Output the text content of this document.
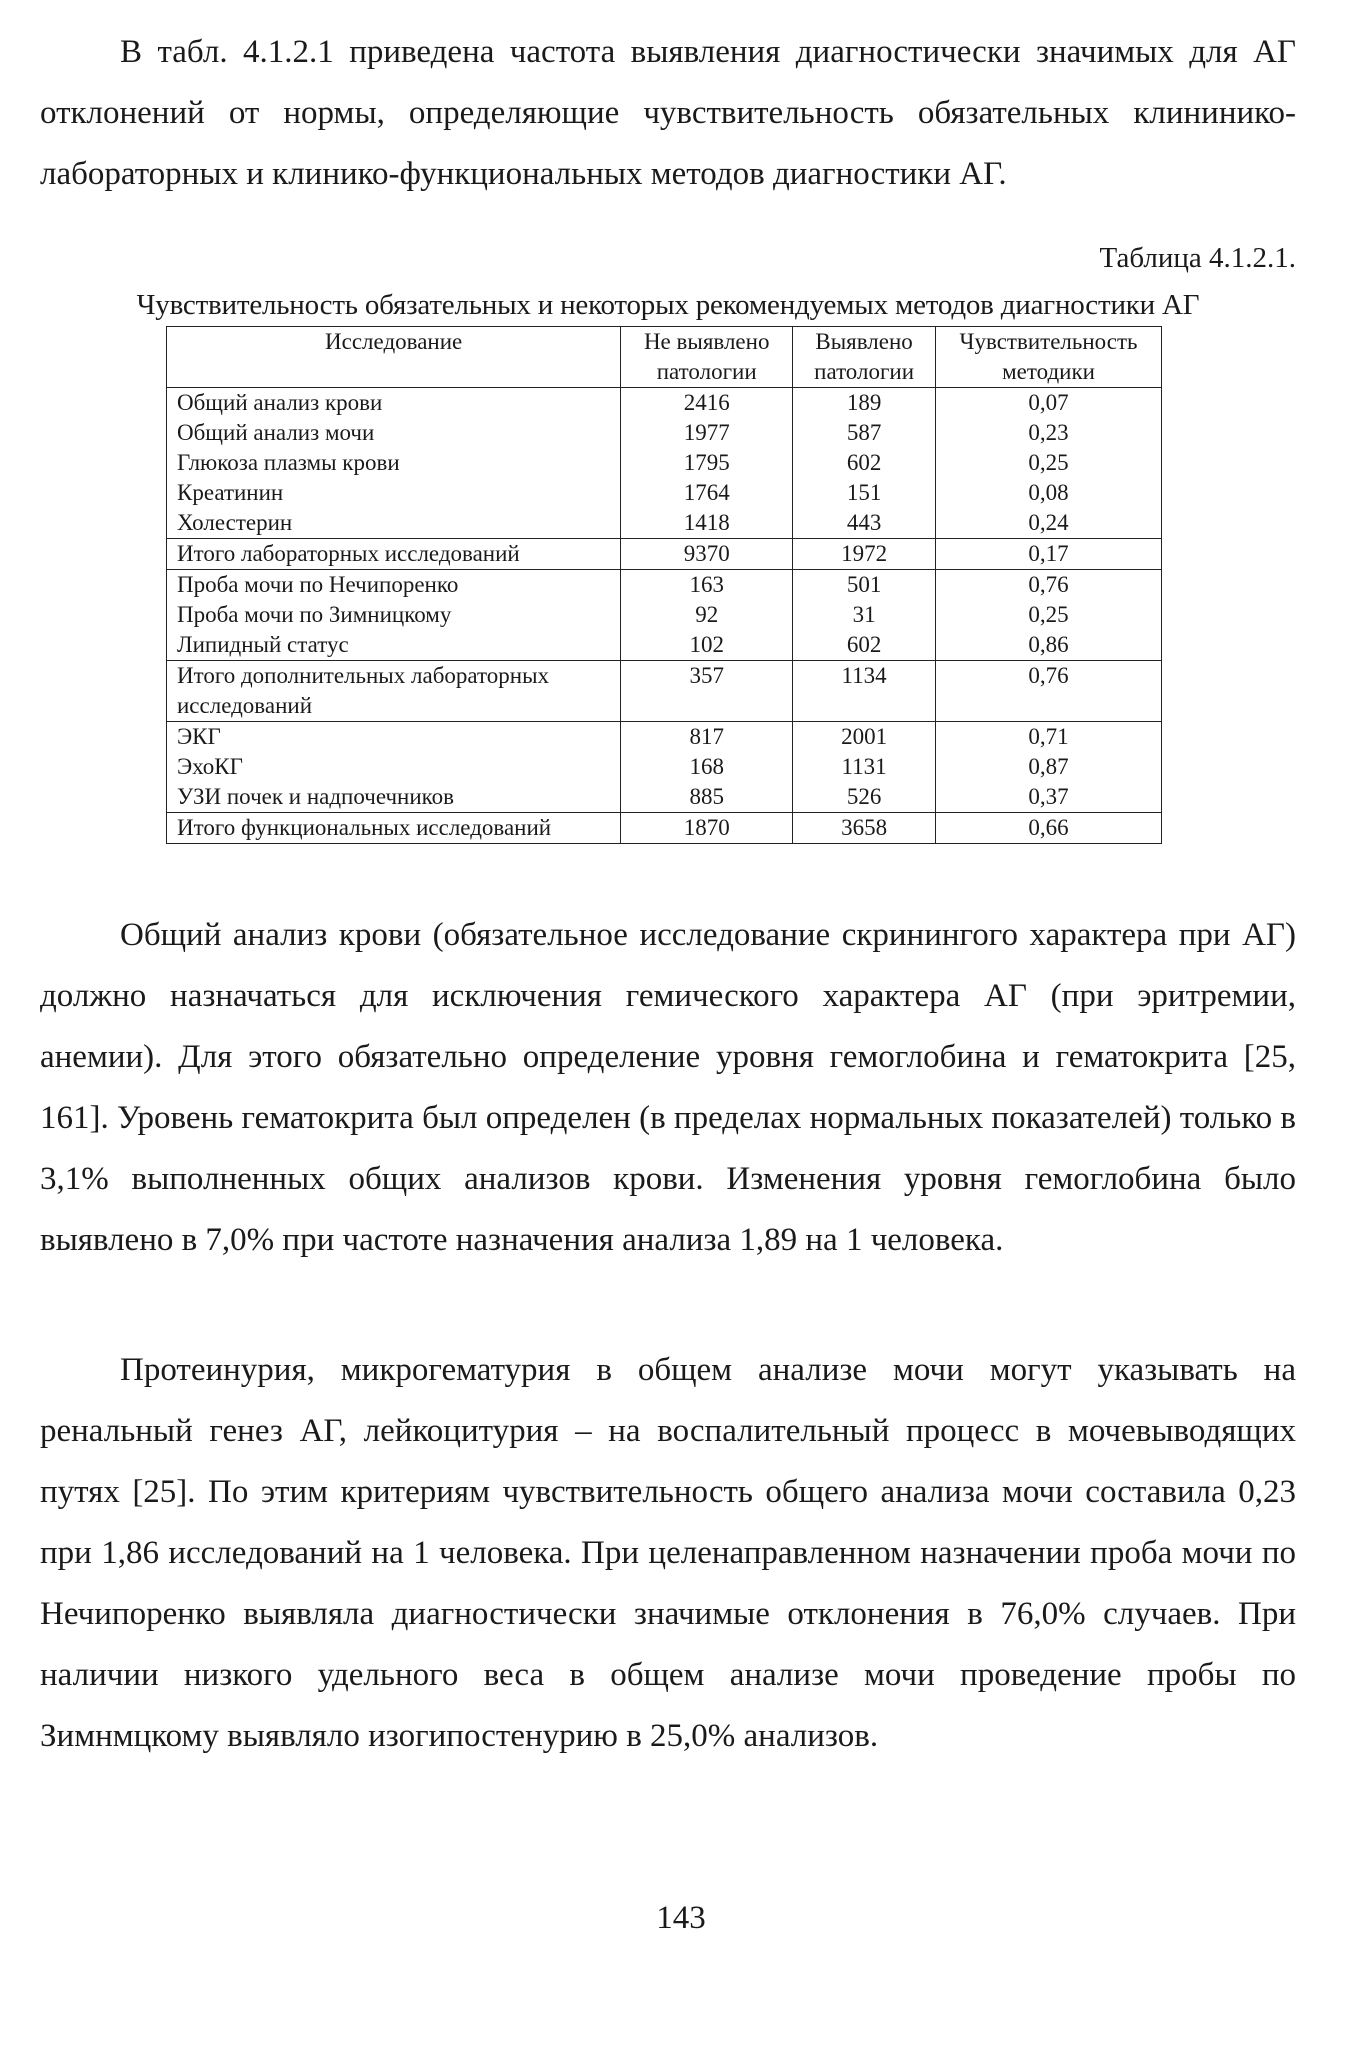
В табл. 4.1.2.1 приведена частота выявления диагностически значимых для АГ отклонений от нормы, определяющие чувствительность обязательных клининико-лабораторных и клинико-функциональных методов диагностики АГ.

Таблица 4.1.2.1.

Чувствительность обязательных и некоторых рекомендуемых методов диагностики АГ

Исследование	Не выявлено патологии	Выявлено патологии	Чувствительность методики
Общий анализ крови	2416	189	0,07
Общий анализ мочи	1977	587	0,23
Глюкоза плазмы крови	1795	602	0,25
Креатинин	1764	151	0,08
Холестерин	1418	443	0,24
Итого лабораторных исследований	9370	1972	0,17
Проба мочи по Нечипоренко	163	501	0,76
Проба мочи по Зимницкому	92	31	0,25
Липидный статус	102	602	0,86
Итого дополнительных лабораторных исследований	357	1134	0,76
ЭКГ	817	2001	0,71
ЭхоКГ	168	1131	0,87
УЗИ почек и надпочечников	885	526	0,37
Итого функциональных исследований	1870	3658	0,66

Общий анализ крови (обязательное исследование скринингого характера при АГ) должно назначаться для исключения гемического характера АГ (при эритремии, анемии). Для этого обязательно определение уровня гемоглобина и гематокрита [25, 161]. Уровень гематокрита был определен (в пределах нормальных показателей) только в 3,1% выполненных общих анализов крови. Изменения уровня гемоглобина было выявлено в 7,0% при частоте назначения анализа 1,89 на 1 человека.

Протеинурия, микрогематурия в общем анализе мочи могут указывать на ренальный генез АГ, лейкоцитурия – на воспалительный процесс в мочевыводящих путях [25]. По этим критериям чувствительность общего анализа мочи составила 0,23 при 1,86 исследований на 1 человека. При целенаправленном назначении проба мочи по Нечипоренко выявляла диагностически значимые отклонения в 76,0% случаев. При наличии низкого удельного веса в общем анализе мочи проведение пробы по Зимнмцкому выявляло изогипостенурию в 25,0% анализов.

143
